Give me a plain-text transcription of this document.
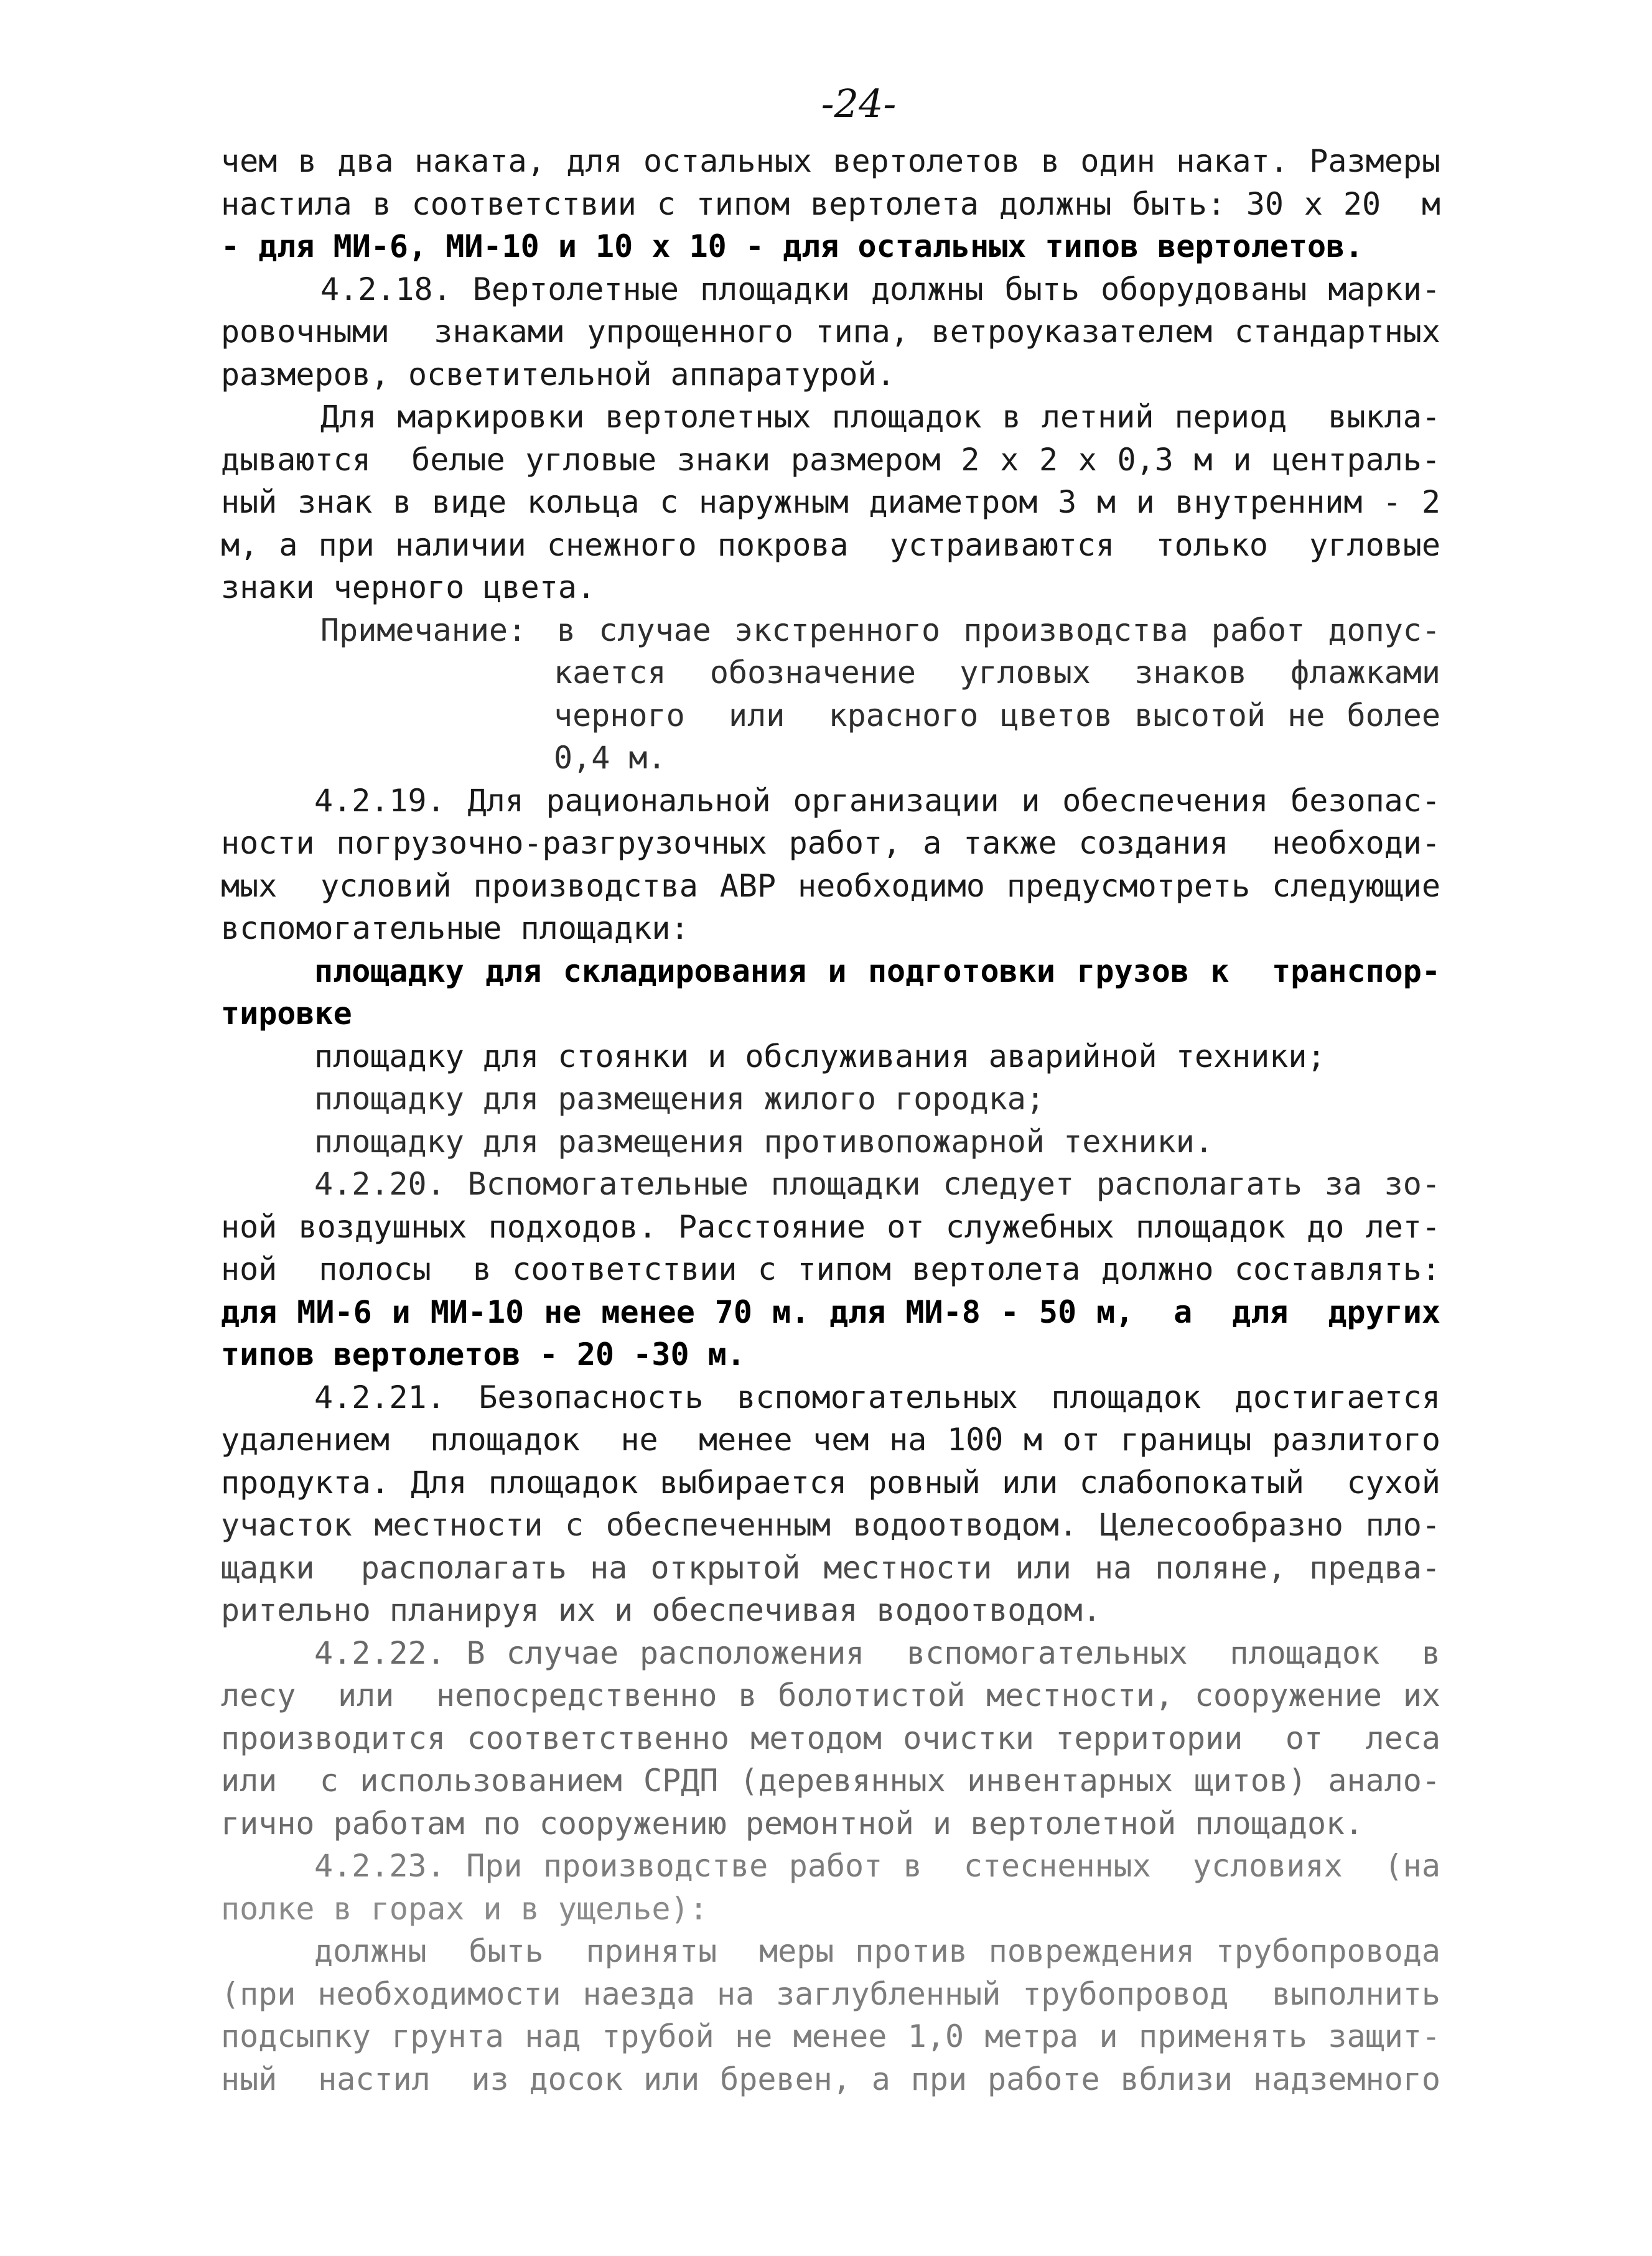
-24-
чем в два наката, для остальных вертолетов в один накат. Размеры
настила в соответствии с типом вертолета должны быть: 30 х 20  м
- для МИ-6, МИ-10 и 10 х 10 - для остальных типов вертолетов.
4.2.18. Вертолетные площадки должны быть оборудованы марки-
ровочными  знаками упрощенного типа, ветроуказателем стандартных
размеров, осветительной аппаратурой.
Для маркировки вертолетных площадок в летний период  выкла-
дываются  белые угловые знаки размером 2 х 2 х 0,3 м и централь-
ный знак в виде кольца с наружным диаметром 3 м и внутренним - 2
м, а при наличии снежного покрова  устраиваются  только  угловые
знаки черного цвета.
Примечание: в случае экстренного производства работ допус-
кается обозначение угловых знаков флажками
черного  или  красного цветов высотой не более
0,4 м.
4.2.19. Для рациональной организации и обеспечения безопас-
ности погрузочно-разгрузочных работ, а также создания  необходи-
мых  условий производства АВР необходимо предусмотреть следующие
вспомогательные площадки:
площадку для складирования и подготовки грузов к  транспор-
тировке
площадку для стоянки и обслуживания аварийной техники;
площадку для размещения жилого городка;
площадку для размещения противопожарной техники.
4.2.20. Вспомогательные площадки следует располагать за зо-
ной воздушных подходов. Расстояние от служебных площадок до лет-
ной  полосы  в соответствии с типом вертолета должно составлять:
для МИ-6 и МИ-10 не менее 70 м. для МИ-8 - 50 м,  а  для  других
типов вертолетов - 20 -30 м.
4.2.21. Безопасность вспомогательных площадок достигается
удалением  площадок  не  менее чем на 100 м от границы разлитого
продукта. Для площадок выбирается ровный или слабопокатый  сухой
участок местности с обеспеченным водоотводом. Целесообразно пло-
щадки  располагать на открытой местности или на поляне, предва-
рительно планируя их и обеспечивая водоотводом.
4.2.22. В случае расположения  вспомогательных  площадок  в
лесу  или  непосредственно в болотистой местности, сооружение их
производится соответственно методом очистки территории  от  леса
или  с использованием СРДП (деревянных инвентарных щитов) анало-
гично работам по сооружению ремонтной и вертолетной площадок.
4.2.23. При производстве работ в  стесненных  условиях  (на
полке в горах и в ущелье):
должны  быть  приняты  меры против повреждения трубопровода
(при необходимости наезда на заглубленный трубопровод  выполнить
подсыпку грунта над трубой не менее 1,0 метра и применять защит-
ный  настил  из досок или бревен, а при работе вблизи надземного
